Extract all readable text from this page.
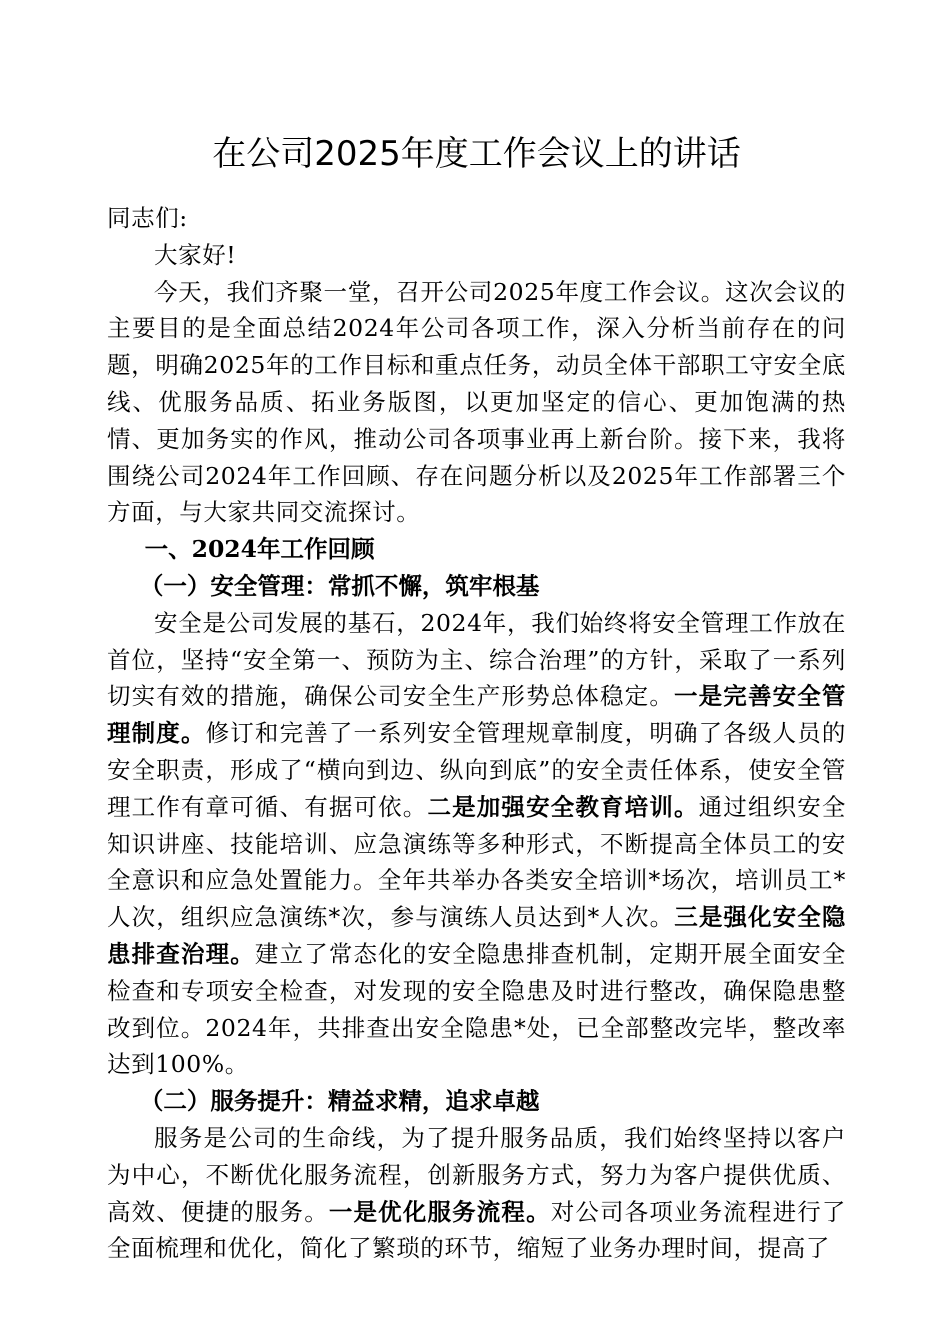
在公司2025年度工作会议上的讲话

同志们:

大家好!

今天，我们齐聚一堂，召开公司2025年度工作会议。这次会议的主要目的是全面总结2024年公司各项工作，深入分析当前存在的问题，明确2025年的工作目标和重点任务，动员全体干部职工守安全底线、优服务品质、拓业务版图，以更加坚定的信心、更加饱满的热情、更加务实的作风，推动公司各项事业再上新台阶。接下来，我将围绕公司2024年工作回顾、存在问题分析以及2025年工作部署三个方面，与大家共同交流探讨。

一、2024年工作回顾

（一）安全管理：常抓不懈，筑牢根基

安全是公司发展的基石，2024年，我们始终将安全管理工作放在首位，坚持“安全第一、预防为主、综合治理”的方针，采取了一系列切实有效的措施，确保公司安全生产形势总体稳定。一是完善安全管理制度。修订和完善了一系列安全管理规章制度，明确了各级人员的安全职责，形成了“横向到边、纵向到底”的安全责任体系，使安全管理工作有章可循、有据可依。二是加强安全教育培训。通过组织安全知识讲座、技能培训、应急演练等多种形式，不断提高全体员工的安全意识和应急处置能力。全年共举办各类安全培训*场次，培训员工*人次，组织应急演练*次，参与演练人员达到*人次。三是强化安全隐患排查治理。建立了常态化的安全隐患排查机制，定期开展全面安全检查和专项安全检查，对发现的安全隐患及时进行整改，确保隐患整改到位。2024年，共排查出安全隐患*处，已全部整改完毕，整改率达到100%。

（二）服务提升：精益求精，追求卓越

服务是公司的生命线，为了提升服务品质，我们始终坚持以客户为中心，不断优化服务流程，创新服务方式，努力为客户提供优质、高效、便捷的服务。一是优化服务流程。对公司各项业务流程进行了全面梳理和优化，简化了繁琐的环节，缩短了业务办理时间，提高了
